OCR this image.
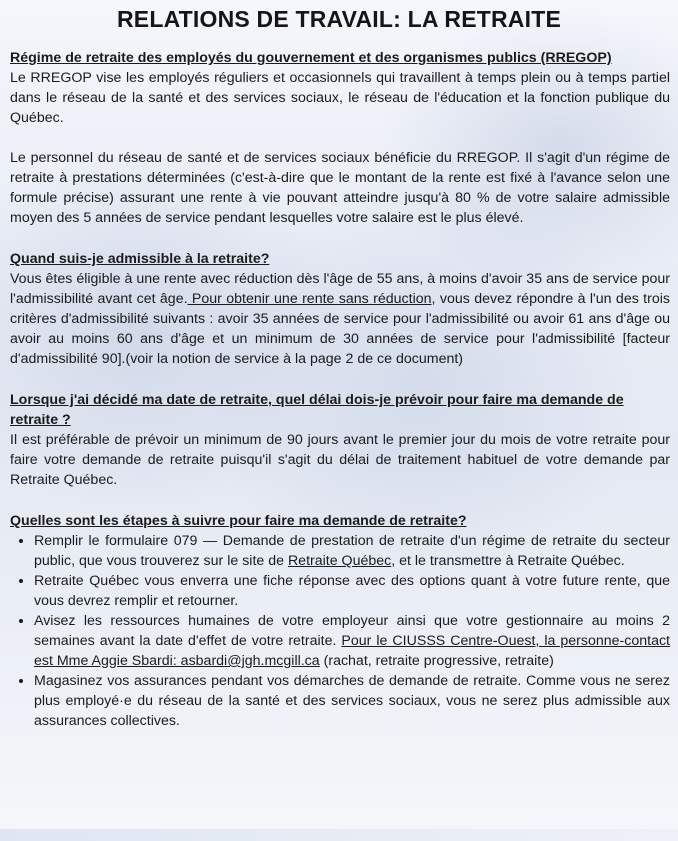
RELATIONS DE TRAVAIL: LA RETRAITE
Régime de retraite des employés du gouvernement et des organismes publics (RREGOP)

Le RREGOP vise les employés réguliers et occasionnels qui travaillent à temps plein ou à temps partiel dans le réseau de la santé et des services sociaux, le réseau de l'éducation et la fonction publique du Québec.

Le personnel du réseau de santé et de services sociaux bénéficie du RREGOP. Il s'agit d'un régime de retraite à prestations déterminées (c'est-à-dire que le montant de la rente est fixé à l'avance selon une formule précise) assurant une rente à vie pouvant atteindre jusqu'à 80 % de votre salaire admissible moyen des 5 années de service pendant lesquelles votre salaire est le plus élevé.

Quand suis-je admissible à la retraite?

Vous êtes éligible à une rente avec réduction dès l'âge de 55 ans, à moins d'avoir 35 ans de service pour l'admissibilité avant cet âge. Pour obtenir une rente sans réduction, vous devez répondre à l'un des trois critères d'admissibilité suivants : avoir 35 années de service pour l'admissibilité ou avoir 61 ans d'âge ou avoir au moins 60 ans d'âge et un minimum de 30 années de service pour l'admissibilité [facteur d'admissibilité 90].(voir la notion de service à la page 2 de ce document)

Lorsque j'ai décidé ma date de retraite, quel délai dois-je prévoir pour faire ma demande de retraite ?

Il est préférable de prévoir un minimum de 90 jours avant le premier jour du mois de votre retraite pour faire votre demande de retraite puisqu'il s'agit du délai de traitement habituel de votre demande par Retraite Québec.

Quelles sont les étapes à suivre pour faire ma demande de retraite?
• Remplir le formulaire 079 — Demande de prestation de retraite d'un régime de retraite du secteur public, que vous trouverez sur le site de Retraite Québec, et le transmettre à Retraite Québec.
• Retraite Québec vous enverra une fiche réponse avec des options quant à votre future rente, que vous devrez remplir et retourner.
• Avisez les ressources humaines de votre employeur ainsi que votre gestionnaire au moins 2 semaines avant la date d'effet de votre retraite. Pour le CIUSSS Centre-Ouest, la personne-contact est Mme Aggie Sbardi: asbardi@jgh.mcgill.ca (rachat, retraite progressive, retraite)
• Magasinez vos assurances pendant vos démarches de demande de retraite. Comme vous ne serez plus employé·e du réseau de la santé et des services sociaux, vous ne serez plus admissible aux assurances collectives.
